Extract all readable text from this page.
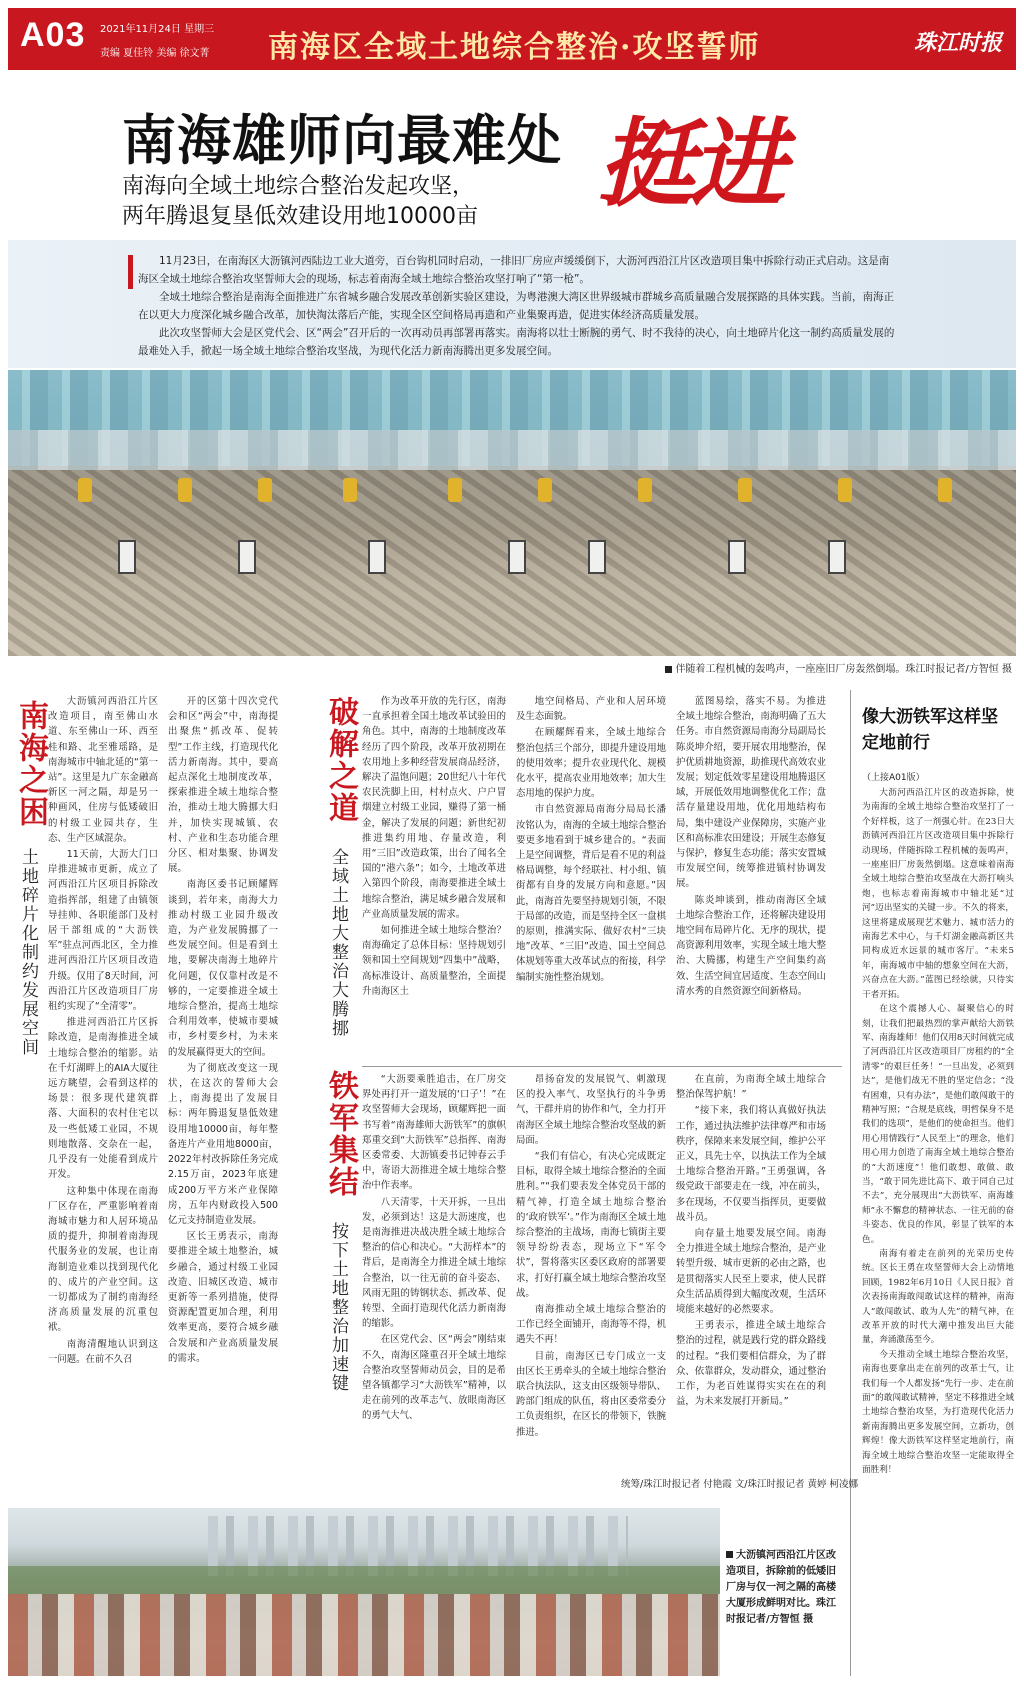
A03 2021年11月24日 星期三
责编 夏佳铃 美编 徐文菁 南海区全域土地综合整治·攻坚誓师	珠江时报
南海雄师向最难处 挺进
南海向全域土地综合整治发起攻坚，
两年腾退复垦低效建设用地10000亩

11月23日，在南海区大沥镇河西陆边工业大道旁，百台钩机同时启动，一排旧厂房应声缓缓倒下，大沥河西沿江片区改造项目集中拆除行动正式启动。这是南海区全域土地综合整治攻坚誓师大会的现场，标志着南海全域土地综合整治攻坚打响了“第一枪”。

全域土地综合整治是南海全面推进广东省城乡融合发展改革创新实验区建设，为粤港澳大湾区世界级城市群城乡高质量融合发展探路的具体实践。当前，南海正在以更大力度深化城乡融合改革，加快淘汰落后产能，实现全区空间格局再造和产业集聚再造，促进实体经济高质量发展。

此次攻坚誓师大会是区党代会、区“两会”召开后的一次再动员再部署再落实。南海将以壮士断腕的勇气、时不我待的决心，向土地碎片化这一制约高质量发展的最难处入手，掀起一场全域土地综合整治攻坚战，为现代化活力新南海腾出更多发展空间。

伴随着工程机械的轰鸣声，一座座旧厂房轰然倒塌。珠江时报记者/方智恒 摄
南海之困
土地碎片化制约发展空间

大沥镇河西沿江片区改造项目，南至佛山水道、东至佛山一环、西至桂和路、北至雅瑶路，是南海城市中轴北延的“第一站”。这里是九广东金融高新区一河之隔，却是另一种画风，住房与低矮破旧的村级工业园共存，生态、生产区域混杂。

11天前，大沥大门口岸推进城市更新，成立了河西沿江片区项目拆除改造指挥部，组建了由镇领导挂帅、各职能部门及村居干部组成的“大沥铁军”驻点河西北区，全力推进河西沿江片区项目改造升级。仅用了8天时间，河西沿江片区改造项目厂房租约实现了“全清零”。

推进河西沿江片区拆除改造，是南海推进全域土地综合整治的缩影。站在千灯湖畔上的AIA大厦往远方眺望，会看到这样的场景：很多现代建筑群落、大面积的农村住宅以及一些低矮工业园，不规则地散落、交杂在一起，几乎没有一处能看到成片开发。

这种集中体现在南海厂区存在，严重影响着南海城市魅力和人居环境品质的提升，抑制着南海现代服务业的发展，也让南海制造业难以找到现代化的、成片的产业空间。这一切都成为了制约南海经济高质量发展的沉重包袱。

南海清醒地认识到这一问题。在前不久召

开的区第十四次党代会和区“两会”中，南海提出聚焦“抓改革、促转型”工作主线，打造现代化活力新南海。其中，要高起点深化土地制度改革，探索推进全域土地综合整治，推动土地大腾挪大归并，加快实现城镇、农村、产业和生态功能合理分区、相对集聚、协调发展。

南海区委书记顾耀辉谈到，若年来，南海大力推动村级工业园升级改造，为产业发展腾挪了一些发展空间。但是看到土地，要解决南海土地碎片化问题，仅仅靠村改是不够的，一定要推进全域土地综合整治，提高土地综合利用效率，使城市要城市，乡村要乡村，为未来的发展赢得更大的空间。

为了彻底改变这一现状，在这次的誓师大会上，南海提出了发展目标：两年腾退复垦低效建设用地10000亩，每年整备连片产业用地8000亩，2022年村改拆除任务完成2.15万亩，2023年底建成200万平方米产业保障房，五年内财政投入500亿元支持制造业发展。

区长王勇表示，南海要推进全域土地整治，城乡融合，通过村级工业园改造、旧城区改造、城市更新等一系列措施，使得资源配置更加合理，利用效率更高，要符合城乡融合发展和产业高质量发展的需求。

破解之道
全域土地大整治大腾挪

作为改革开放的先行区，南海一直承担着全国土地改革试验田的角色。其中，南海的土地制度改革经历了四个阶段，改革开放初期在农用地上多种经营发展商品经济，解决了温饱问题；20世纪八十年代农民洗脚上田，村村点火、户户冒烟建立村级工业园，赚得了第一桶金，解决了发展的问题；新世纪初推进集约用地、存量改造，利用“三旧”改造政策，出台了闻名全国的“港六条”；如今，土地改革进入第四个阶段，南海要推进全域土地综合整治，满足城乡融合发展和产业高质量发展的需求。

如何推进全域土地综合整治？南海确定了总体目标：坚持规划引领和国土空间规划“四集中”战略，高标准设计、高质量整治，全面提升南海区土

地空间格局、产业和人居环境及生态面貌。

在顾耀辉看来，全域土地综合整治包括三个部分，即提升建设用地的使用效率；提升农业现代化、规模化水平，提高农业用地效率；加大生态用地的保护力度。

市自然资源局南海分局局长潘汝铭认为，南海的全域土地综合整治要更多地看到于城乡建合的。“表面上是空间调整，背后是看不见的利益格局调整，每个经联社、村小组、镇街都有自身的发展方向和意愿。”因此，南海首先要坚持规划引领，不限于局部的改造，而是坚持全区一盘棋的原则，推满实际、做好农村“三块地”改革、“三旧”改造、国土空间总体规划等重大改革试点的衔接，科学编制实施性整治规划。

蓝图易绘，落实不易。为推进全域土地综合整治，南海明确了五大任务。市自然资源局南海分局副局长陈炎坤介绍，要开展农用地整治，保护优质耕地资源，助推现代高效农业发展；划定低效零星建设用地腾退区域，开展低效用地调整优化工作；盘活存量建设用地，优化用地结构布局，集中建设产业保障房，实施产业区和高标准农田建设；开展生态修复与保护，修复生态功能；落实安置城市发展空间，统筹推进镇村协调发展。

陈炎坤谈到，推动南海区全域土地综合整治工作，还将解决建设用地空间布局碎片化、无序的现状，提高资源利用效率，实现全域土地大整治、大腾挪，构建生产空间集约高效、生活空间宜居适度、生态空间山清水秀的自然资源空间新格局。

铁军集结
按下土地整治加速键

“大沥要乘胜追击，在厂房交界处再打开一道发展的‘口子’！”在攻坚誓师大会现场，顾耀辉把一面书写着“南海雄师大沥铁军”的旗帜郑重交到“大沥铁军”总指挥、南海区委常委、大沥镇委书记钟春云手中，寄语大沥推进全域土地综合整治中作表率。

八天清零，十天开拆，一旦出发，必须到达！这是大沥速度，也是南海推进决战决胜全域土地综合整治的信心和决心。“大沥样本”的背后，是南海全力推进全域土地综合整治，以一往无前的奋斗姿态、风雨无阻的铸钢状态、抓改革、促转型、全面打造现代化活力新南海的缩影。

在区党代会、区“两会”刚结束不久，南海区隆重召开全域土地综合整治攻坚誓师动员会，目的是希望各镇都学习“大沥铁军”精神，以走在前列的改革志气、放眼南海区的勇气大气、

昂扬奋发的发展锐气、刺激现区的投入率气、攻坚执行的斗争勇气，干群并肩的协作和气，全力打开南海区全域土地综合整治攻坚战的新局面。

“我们有信心，有决心完成既定目标，取得全域土地综合整治的全面胜利。”“我们要表发全体党员干部的精气神，打造全域土地综合整治的‘政府铁军’。”作为南海区全域土地综合整治的主战场，南海七镇街主要领导纷纷表态，现场立下“军令状”，誓将落实区委区政府的部署要求，打好打赢全域土地综合整治攻坚战。

南海推动全域土地综合整治的工作已经全面铺开，南海等不得，机遇失不再！

目前，南海区已专门成立一支由区长王勇牵头的全域土地综合整治联合执法队，这支由区级领导带队、跨部门组成的队伍，将由区委常委分工负责组织，在区长的带领下，铁腕推进。

在直前，为南海全域土地综合整治保驾护航！”

“接下来，我们将认真做好执法工作，通过执法维护法律尊严和市场秩序，保障来来发展空间，维护公平正义，具先士卒，以执法工作为全域土地综合整治开路。”王勇强调，各级党政干部要走在一线，冲在前头，多在现场，不仅要当指挥员，更要做战斗员。

向存量土地要发展空间。南海全力推进全域土地综合整治，是产业转型升级、城市更新的必由之路，也是贯彻落实人民至上要求，使人民群众生活品质得到大幅度改观，生活环境能来越好的必然要求。

王勇表示，推进全域土地综合整治的过程，就是践行党的群众路线的过程。“我们要相信群众，为了群众、依靠群众，发动群众，通过整治工作，为老百姓谋得实实在在的利益，为未来发展打开新局。”

统筹/珠江时报记者 付艳霞 文/珠江时报记者 黄婷 柯凌娜
像大沥铁军这样坚定地前行
（上接A01版）

大沥河西沿江片区的改造拆除，使为南海的全域土地综合整治攻坚打了一个好样板，这了一剂强心针。在23日大沥镇河西沿江片区改造项目集中拆除行动现场，伴随拆除工程机械的轰鸣声，一座座旧厂房轰然倒塌。这意味着南海全域土地综合整治攻坚战在大沥打响头炮，也标志着南海城市中轴北延“过河”迈出坚实的关键一步。不久的将来，这里将建成展现艺术魅力、城市活力的南海艺术中心，与千灯湖金融高新区共同构成近水远景的城市客厅。“未来5年，南海城市中轴的想象空间在大沥，兴奋点在大沥。”蓝图已经绘就，只待实干者开拓。

在这个震撼人心、凝聚信心的时刻，让我们把最热烈的掌声献给大沥铁军、南海雄师！他们仅用8天时间就完成了河西沿江片区改造项目厂房租约的“全清零”的艰巨任务！“一旦出发，必须到达”，是他们战无不胜的坚定信念；“没有困难，只有办法”，是他们敢闯敢干的精神写照；“合规是底线，明哲保身不是我们的选项”，是他们的使命担当。他们用心用情践行“人民至上”的理念，他们用心用力创造了南海全域土地综合整治的“大沥速度”！他们敢想、敢做、敢当，“敢于同先进比高下、敢于同自己过不去”，充分展现出“大沥铁军、南海雄师”永不懈怠的精神状态、一往无前的奋斗姿态、优良的作风，彰显了铁军的本色。

南海有着走在前列的光荣历史传统。区长王勇在攻坚誓师大会上动情地回顾，1982年6月10日《人民日报》首次表扬南海敢闯敢试这样的精神，南海人“敢闯敢试、敢为人先”的精气神，在改革开放的时代大潮中推发出巨大能量，奔涌激荡至今。

今天推动全域土地综合整治攻坚，南海也要拿出走在前列的改革士气，让我们每一个人都发扬“先行一步、走在前面”的敢闯敢试精神，坚定不移推进全域土地综合整治攻坚，为打造现代化活力新南海腾出更多发展空间，立新功，创辉煌！像大沥铁军这样坚定地前行，南海全域土地综合整治攻坚一定能取得全面胜利！

大沥镇河西沿江片区改造项目，拆除前的低矮旧厂房与仅一河之隔的高楼大厦形成鲜明对比。珠江时报记者/方智恒 摄
